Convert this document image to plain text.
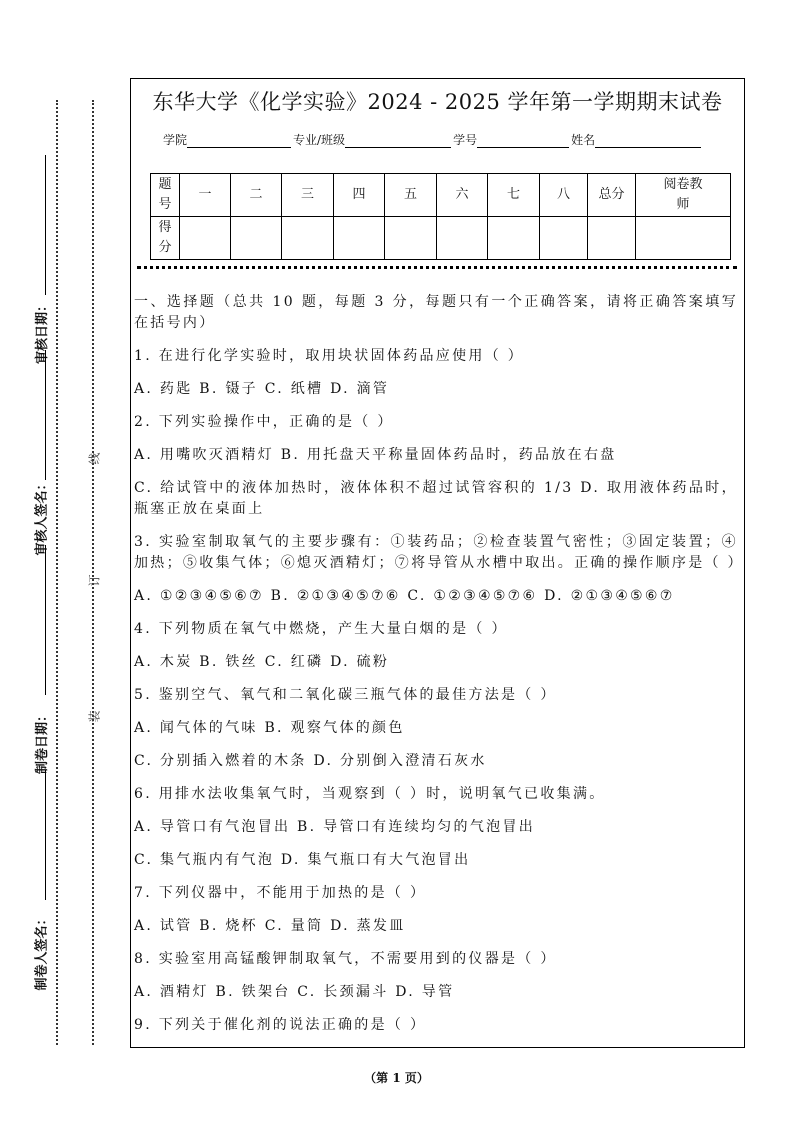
审核日期：
审核人签名：
制卷日期：
制卷人签名：
线
订
装
东华大学《化学实验》2024 - 2025 学年第一学期期末试卷
学院	专业/班级	学号	姓名
题号	一	二	三	四	五	六	七	八	总分	阅卷教师
得分										

一、选择题（总共 10 题，每题 3 分，每题只有一个正确答案，请将正确答案填写在括号内）

1. 在进行化学实验时，取用块状固体药品应使用（ ）

A. 药匙 B. 镊子 C. 纸槽 D. 滴管

2. 下列实验操作中，正确的是（ ）

A. 用嘴吹灭酒精灯 B. 用托盘天平称量固体药品时，药品放在右盘

C. 给试管中的液体加热时，液体体积不超过试管容积的 1/3 D. 取用液体药品时，瓶塞正放在桌面上

3. 实验室制取氧气的主要步骤有：①装药品；②检查装置气密性；③固定装置；④加热；⑤收集气体；⑥熄灭酒精灯；⑦将导管从水槽中取出。正确的操作顺序是（ ）

A. ①②③④⑤⑥⑦ B. ②①③④⑤⑦⑥ C. ①②③④⑤⑦⑥ D. ②①③④⑤⑥⑦

4. 下列物质在氧气中燃烧，产生大量白烟的是（ ）

A. 木炭 B. 铁丝 C. 红磷 D. 硫粉

5. 鉴别空气、氧气和二氧化碳三瓶气体的最佳方法是（ ）

A. 闻气体的气味 B. 观察气体的颜色

C. 分别插入燃着的木条 D. 分别倒入澄清石灰水

6. 用排水法收集氧气时，当观察到（ ）时，说明氧气已收集满。

A. 导管口有气泡冒出 B. 导管口有连续均匀的气泡冒出

C. 集气瓶内有气泡 D. 集气瓶口有大气泡冒出

7. 下列仪器中，不能用于加热的是（ ）

A. 试管 B. 烧杯 C. 量筒 D. 蒸发皿

8. 实验室用高锰酸钾制取氧气，不需要用到的仪器是（ ）

A. 酒精灯 B. 铁架台 C. 长颈漏斗 D. 导管

9. 下列关于催化剂的说法正确的是（ ）

（第 1 页）
